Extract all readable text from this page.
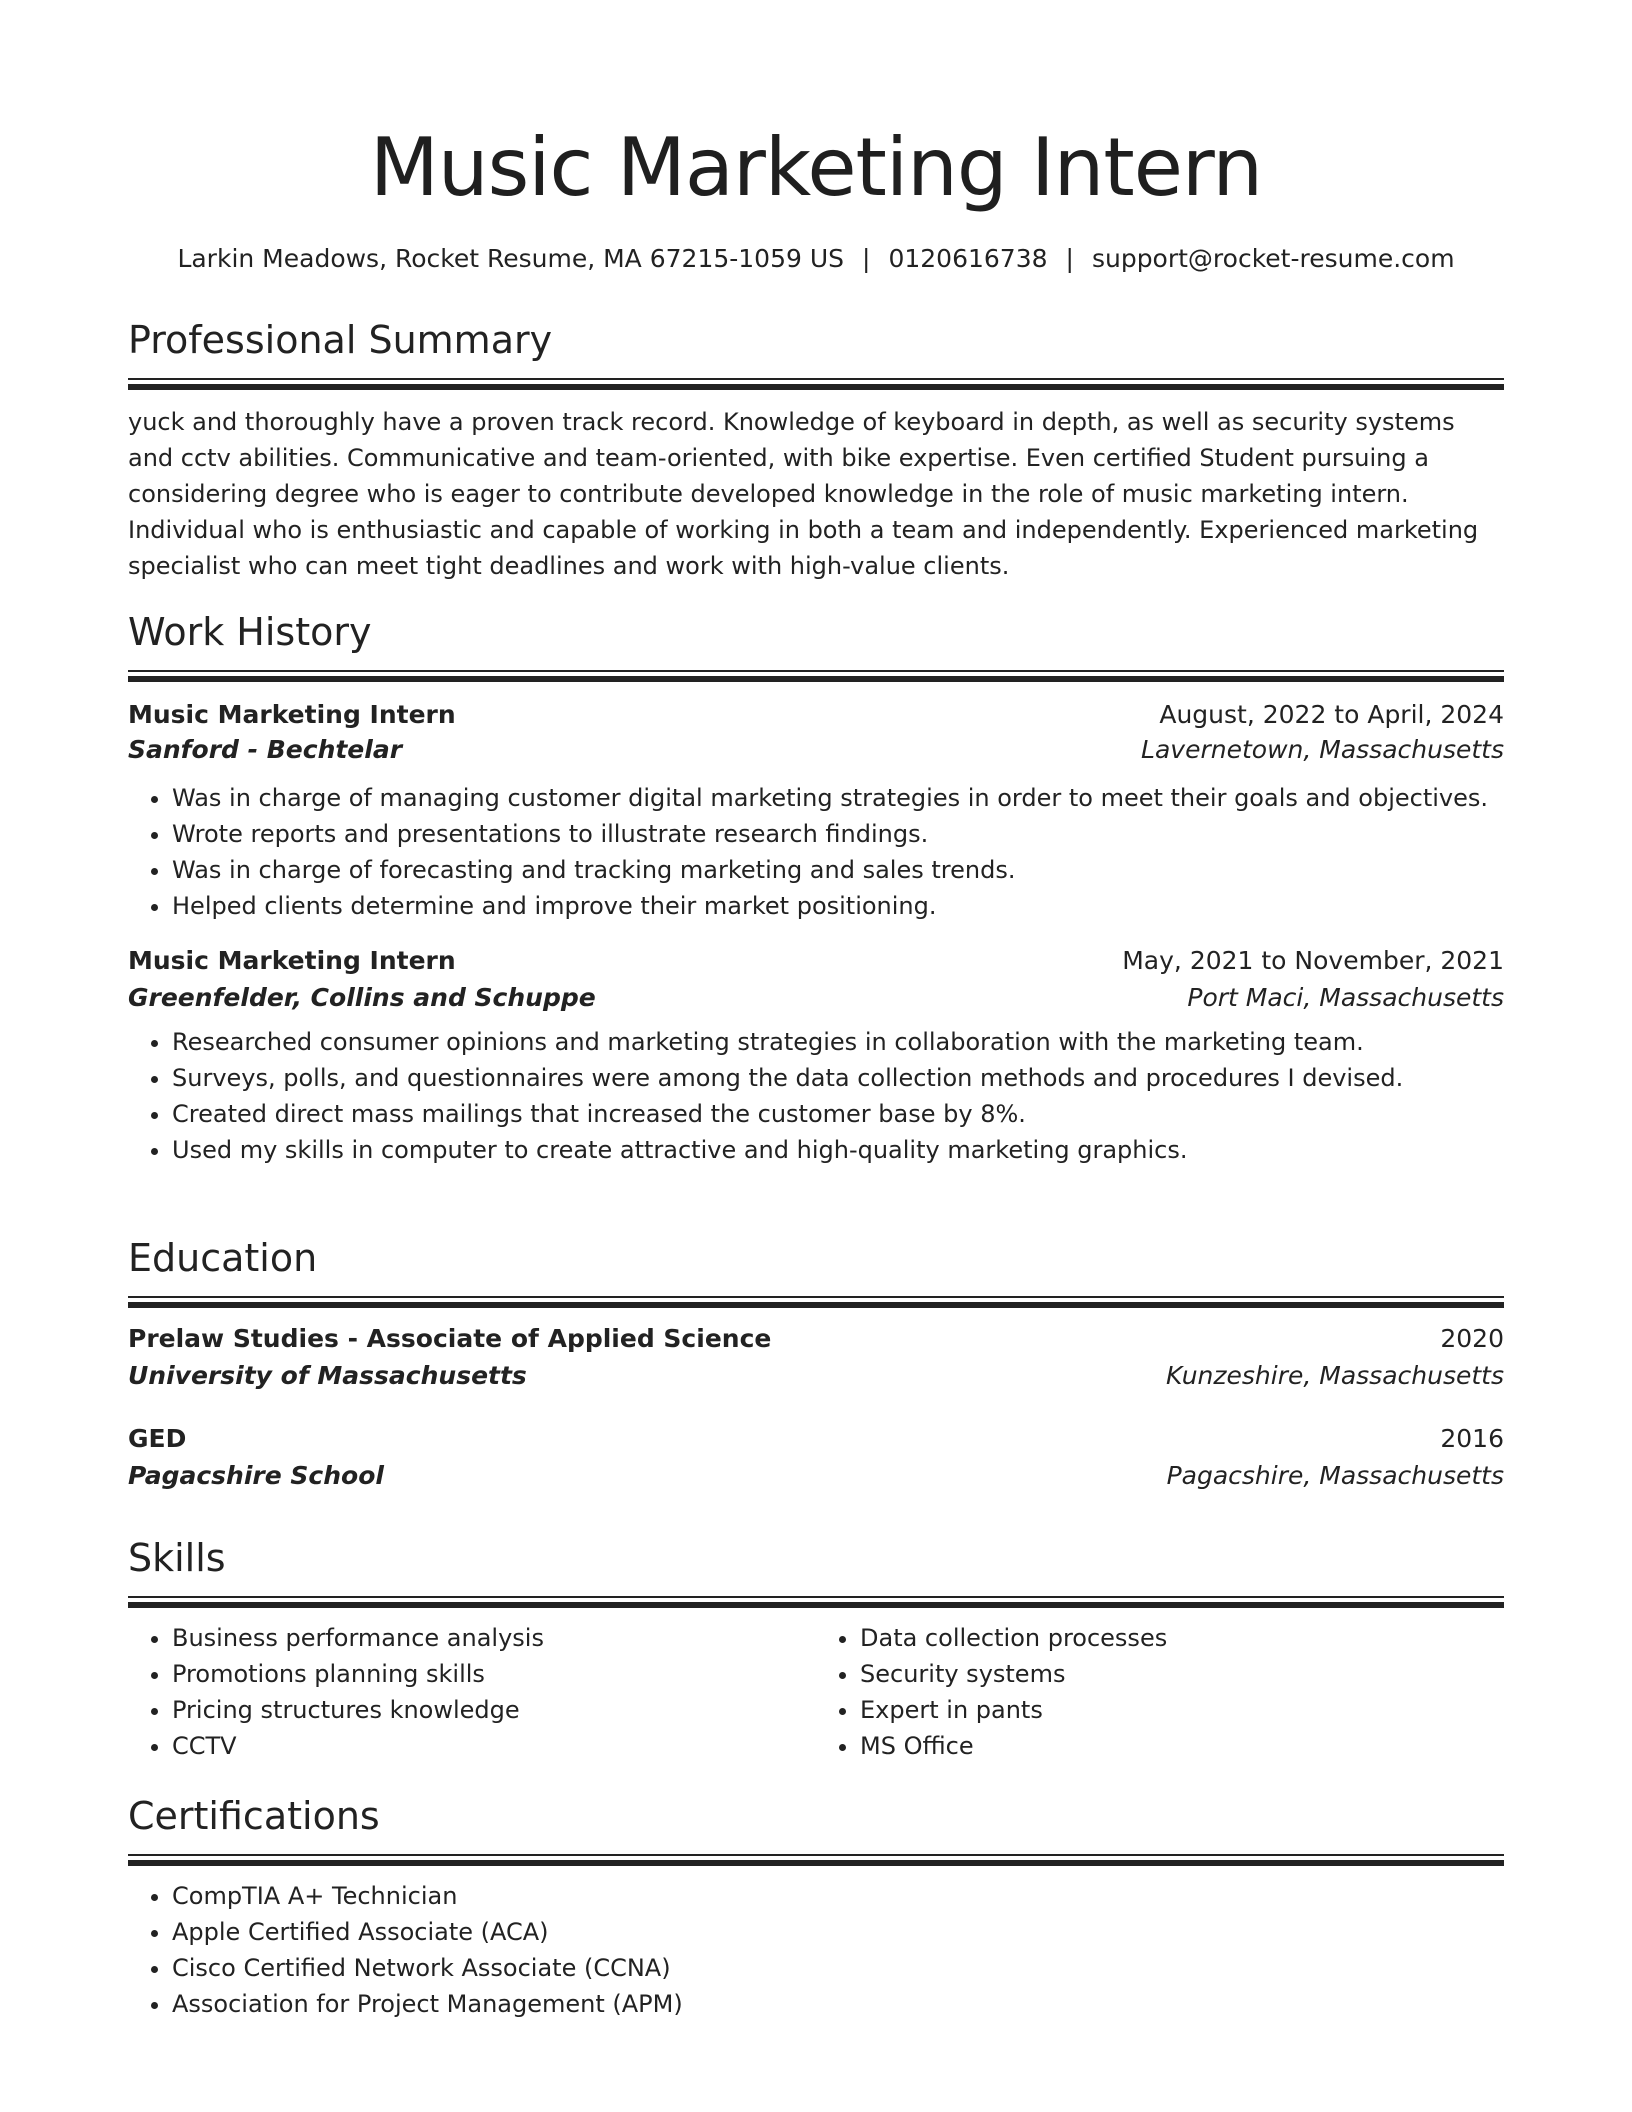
Music Marketing Intern
Larkin Meadows, Rocket Resume, MA 67215-1059 US | 0120616738 | support@rocket-resume.com
Professional Summary
yuck and thoroughly have a proven track record. Knowledge of keyboard in depth, as well as security systems and cctv abilities. Communicative and team-oriented, with bike expertise. Even certified Student pursuing a considering degree who is eager to contribute developed knowledge in the role of music marketing intern. Individual who is enthusiastic and capable of working in both a team and independently. Experienced marketing specialist who can meet tight deadlines and work with high-value clients.
Work History
Music Marketing Intern	August, 2022 to April, 2024
Sanford - Bechtelar	Lavernetown, Massachusetts
• Was in charge of managing customer digital marketing strategies in order to meet their goals and objectives.
• Wrote reports and presentations to illustrate research findings.
• Was in charge of forecasting and tracking marketing and sales trends.
• Helped clients determine and improve their market positioning.
Music Marketing Intern	May, 2021 to November, 2021
Greenfelder, Collins and Schuppe	Port Maci, Massachusetts
• Researched consumer opinions and marketing strategies in collaboration with the marketing team.
• Surveys, polls, and questionnaires were among the data collection methods and procedures I devised.
• Created direct mass mailings that increased the customer base by 8%.
• Used my skills in computer to create attractive and high-quality marketing graphics.
Education
Prelaw Studies - Associate of Applied Science	2020
University of Massachusetts	Kunzeshire, Massachusetts
GED	2016
Pagacshire School	Pagacshire, Massachusetts
Skills
• Business performance analysis
• Promotions planning skills
• Pricing structures knowledge
• CCTV
• Data collection processes
• Security systems
• Expert in pants
• MS Office
Certifications
• CompTIA A+ Technician
• Apple Certified Associate (ACA)
• Cisco Certified Network Associate (CCNA)
• Association for Project Management (APM)
